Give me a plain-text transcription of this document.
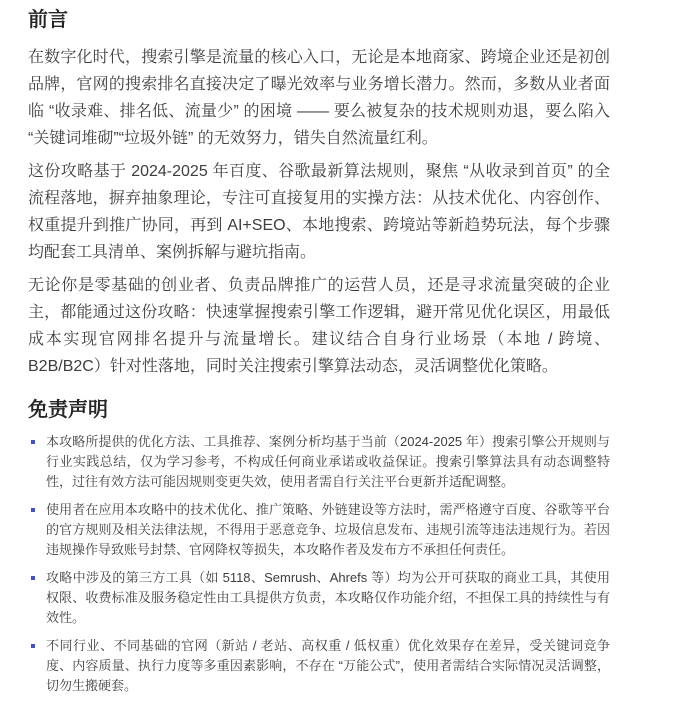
前言

在数字化时代，搜索引擎是流量的核心入口，无论是本地商家、跨境企业还是初创品牌，官网的搜索排名直接决定了曝光效率与业务增长潜力。然而，多数从业者面临 “收录难、排名低、流量少” 的困境 —— 要么被复杂的技术规则劝退，要么陷入 “关键词堆砌”“垃圾外链” 的无效努力，错失自然流量红利。

这份攻略基于 2024-2025 年百度、谷歌最新算法规则，聚焦 “从收录到首页” 的全流程落地，摒弃抽象理论，专注可直接复用的实操方法：从技术优化、内容创作、权重提升到推广协同，再到 AI+SEO、本地搜索、跨境站等新趋势玩法，每个步骤均配套工具清单、案例拆解与避坑指南。

无论你是零基础的创业者、负责品牌推广的运营人员，还是寻求流量突破的企业主，都能通过这份攻略：快速掌握搜索引擎工作逻辑，避开常见优化误区，用最低成本实现官网排名提升与流量增长。建议结合自身行业场景（本地 / 跨境、B2B/B2C）针对性落地，同时关注搜索引擎算法动态，灵活调整优化策略。

免责声明
本攻略所提供的优化方法、工具推荐、案例分析均基于当前（2024-2025 年）搜索引擎公开规则与行业实践总结，仅为学习参考，不构成任何商业承诺或收益保证。搜索引擎算法具有动态调整特性，过往有效方法可能因规则变更失效，使用者需自行关注平台更新并适配调整。
使用者在应用本攻略中的技术优化、推广策略、外链建设等方法时，需严格遵守百度、谷歌等平台的官方规则及相关法律法规，不得用于恶意竞争、垃圾信息发布、违规引流等违法违规行为。若因违规操作导致账号封禁、官网降权等损失，本攻略作者及发布方不承担任何责任。
攻略中涉及的第三方工具（如 5118、Semrush、Ahrefs 等）均为公开可获取的商业工具，其使用权限、收费标准及服务稳定性由工具提供方负责，本攻略仅作功能介绍，不担保工具的持续性与有效性。
不同行业、不同基础的官网（新站 / 老站、高权重 / 低权重）优化效果存在差异，受关键词竞争度、内容质量、执行力度等多重因素影响，不存在 “万能公式”，使用者需结合实际情况灵活调整，切勿生搬硬套。
